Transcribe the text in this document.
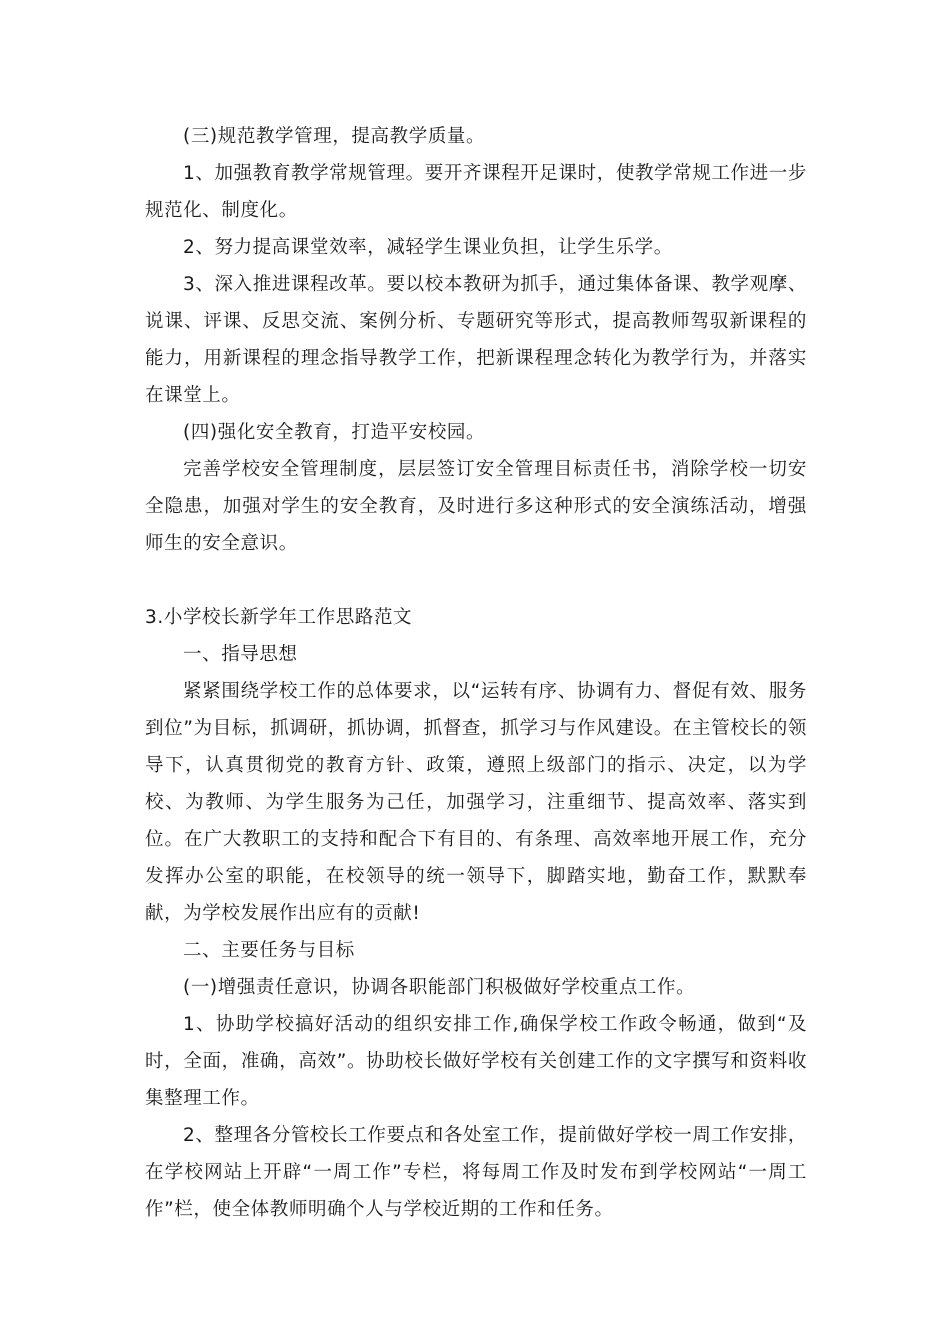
(三)规范教学管理，提高教学质量。

1、加强教育教学常规管理。要开齐课程开足课时，使教学常规工作进一步规范化、制度化。

2、努力提高课堂效率，减轻学生课业负担，让学生乐学。

3、深入推进课程改革。要以校本教研为抓手，通过集体备课、教学观摩、说课、评课、反思交流、案例分析、专题研究等形式，提高教师驾驭新课程的能力，用新课程的理念指导教学工作，把新课程理念转化为教学行为，并落实在课堂上。

(四)强化安全教育，打造平安校园。

完善学校安全管理制度，层层签订安全管理目标责任书，消除学校一切安全隐患，加强对学生的安全教育，及时进行多这种形式的安全演练活动，增强师生的安全意识。

3.小学校长新学年工作思路范文

一、指导思想

紧紧围绕学校工作的总体要求，以“运转有序、协调有力、督促有效、服务到位”为目标，抓调研，抓协调，抓督查，抓学习与作风建设。在主管校长的领导下，认真贯彻党的教育方针、政策，遵照上级部门的指示、决定，以为学校、为教师、为学生服务为己任，加强学习，注重细节、提高效率、落实到位。在广大教职工的支持和配合下有目的、有条理、高效率地开展工作，充分发挥办公室的职能，在校领导的统一领导下，脚踏实地，勤奋工作，默默奉献，为学校发展作出应有的贡献!

二、主要任务与目标

(一)增强责任意识，协调各职能部门积极做好学校重点工作。

1、协助学校搞好活动的组织安排工作,确保学校工作政令畅通，做到“及时，全面，准确，高效”。协助校长做好学校有关创建工作的文字撰写和资料收集整理工作。

2、整理各分管校长工作要点和各处室工作，提前做好学校一周工作安排，在学校网站上开辟“一周工作”专栏，将每周工作及时发布到学校网站“一周工作”栏，使全体教师明确个人与学校近期的工作和任务。
